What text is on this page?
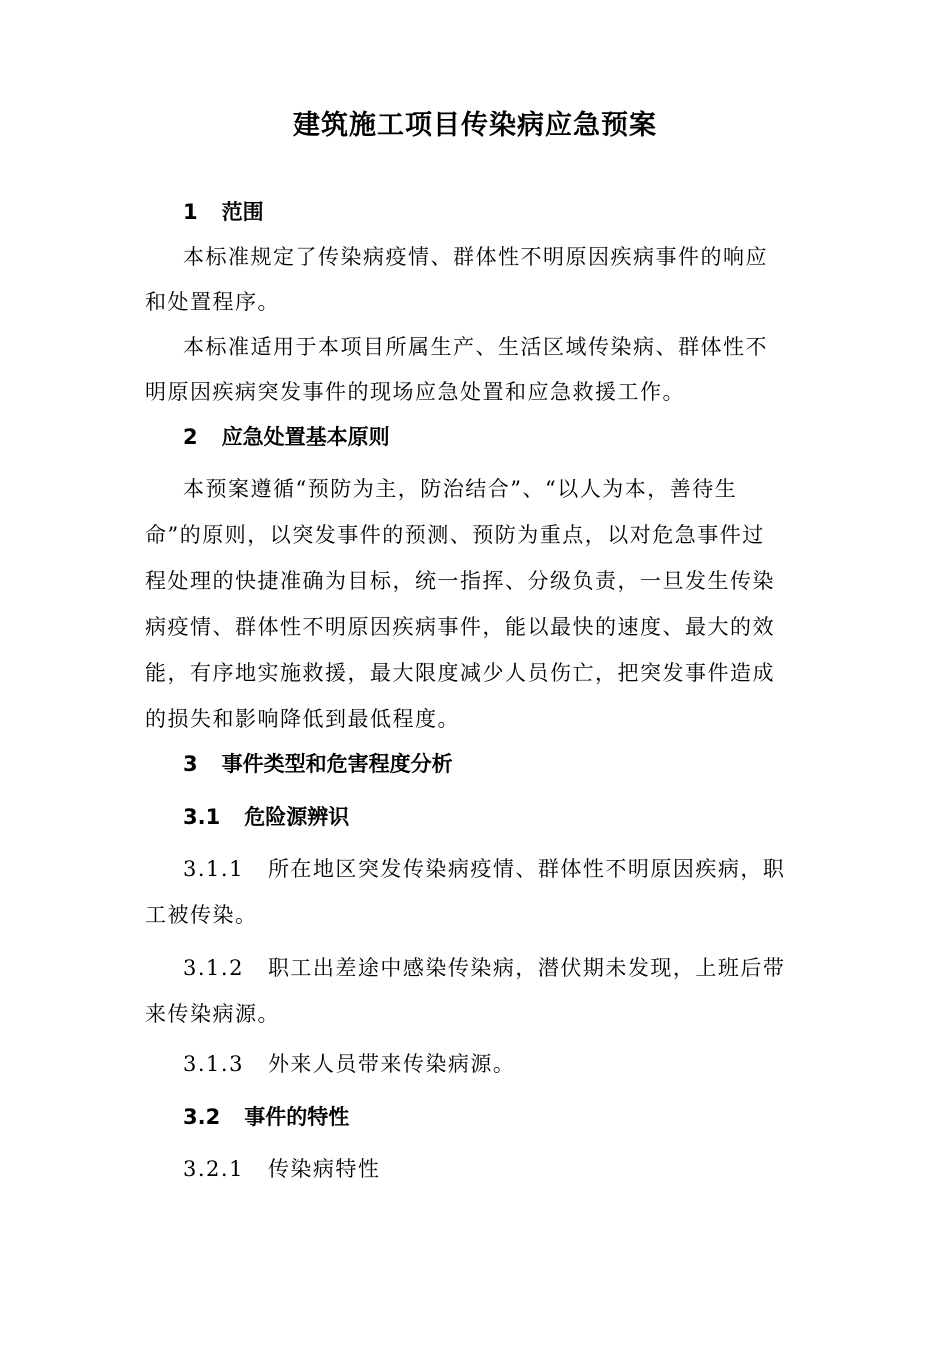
建筑施工项目传染病应急预案
1 范围
本标准规定了传染病疫情、群体性不明原因疾病事件的响应
和处置程序。
本标准适用于本项目所属生产、生活区域传染病、群体性不
明原因疾病突发事件的现场应急处置和应急救援工作。
2 应急处置基本原则
本预案遵循“预防为主，防治结合”、“以人为本，善待生
命”的原则，以突发事件的预测、预防为重点，以对危急事件过
程处理的快捷准确为目标，统一指挥、分级负责，一旦发生传染
病疫情、群体性不明原因疾病事件，能以最快的速度、最大的效
能，有序地实施救援，最大限度减少人员伤亡，把突发事件造成
的损失和影响降低到最低程度。
3 事件类型和危害程度分析
3.1 危险源辨识
3.1.1 所在地区突发传染病疫情、群体性不明原因疾病，职
工被传染。
3.1.2 职工出差途中感染传染病，潜伏期未发现，上班后带
来传染病源。
3.1.3 外来人员带来传染病源。
3.2 事件的特性
3.2.1 传染病特性
